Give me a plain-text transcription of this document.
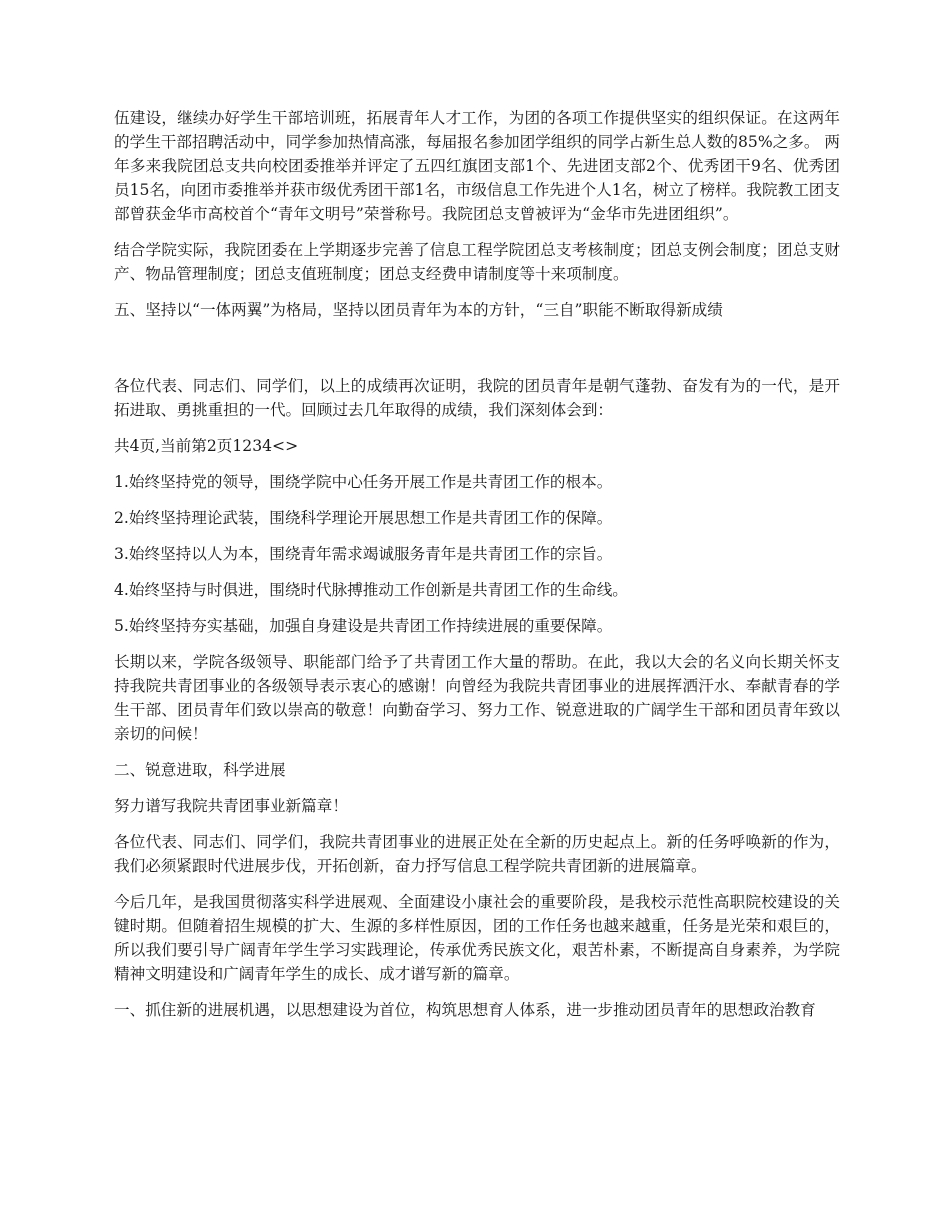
伍建设，继续办好学生干部培训班，拓展青年人才工作，为团的各项工作提供坚实的组织保证。在这两年的学生干部招聘活动中，同学参加热情高涨，每届报名参加团学组织的同学占新生总人数的85%之多。 两年多来我院团总支共向校团委推举并评定了五四红旗团支部1个、先进团支部2个、优秀团干9名、优秀团员15名，向团市委推举并获市级优秀团干部1名，市级信息工作先进个人1名，树立了榜样。我院教工团支部曾获金华市高校首个“青年文明号”荣誉称号。我院团总支曾被评为“金华市先进团组织”。

结合学院实际，我院团委在上学期逐步完善了信息工程学院团总支考核制度；团总支例会制度；团总支财产、物品管理制度；团总支值班制度；团总支经费申请制度等十来项制度。

五、坚持以“一体两翼”为格局，坚持以团员青年为本的方针，“三自”职能不断取得新成绩

各位代表、同志们、同学们，以上的成绩再次证明，我院的团员青年是朝气蓬勃、奋发有为的一代，是开拓进取、勇挑重担的一代。回顾过去几年取得的成绩，我们深刻体会到：

共4页,当前第2页1234<>

1.始终坚持党的领导，围绕学院中心任务开展工作是共青团工作的根本。

2.始终坚持理论武装，围绕科学理论开展思想工作是共青团工作的保障。

3.始终坚持以人为本，围绕青年需求竭诚服务青年是共青团工作的宗旨。

4.始终坚持与时俱进，围绕时代脉搏推动工作创新是共青团工作的生命线。

5.始终坚持夯实基础，加强自身建设是共青团工作持续进展的重要保障。

长期以来，学院各级领导、职能部门给予了共青团工作大量的帮助。在此，我以大会的名义向长期关怀支持我院共青团事业的各级领导表示衷心的感谢！向曾经为我院共青团事业的进展挥洒汗水、奉献青春的学生干部、团员青年们致以崇高的敬意！向勤奋学习、努力工作、锐意进取的广阔学生干部和团员青年致以亲切的问候！

二、锐意进取，科学进展

努力谱写我院共青团事业新篇章！

各位代表、同志们、同学们，我院共青团事业的进展正处在全新的历史起点上。新的任务呼唤新的作为，我们必须紧跟时代进展步伐，开拓创新，奋力抒写信息工程学院共青团新的进展篇章。

今后几年，是我国贯彻落实科学进展观、全面建设小康社会的重要阶段，是我校示范性高职院校建设的关键时期。但随着招生规模的扩大、生源的多样性原因，团的工作任务也越来越重，任务是光荣和艰巨的，所以我们要引导广阔青年学生学习实践理论，传承优秀民族文化，艰苦朴素，不断提高自身素养，为学院精神文明建设和广阔青年学生的成长、成才谱写新的篇章。

一、抓住新的进展机遇，以思想建设为首位，构筑思想育人体系，进一步推动团员青年的思想政治教育
